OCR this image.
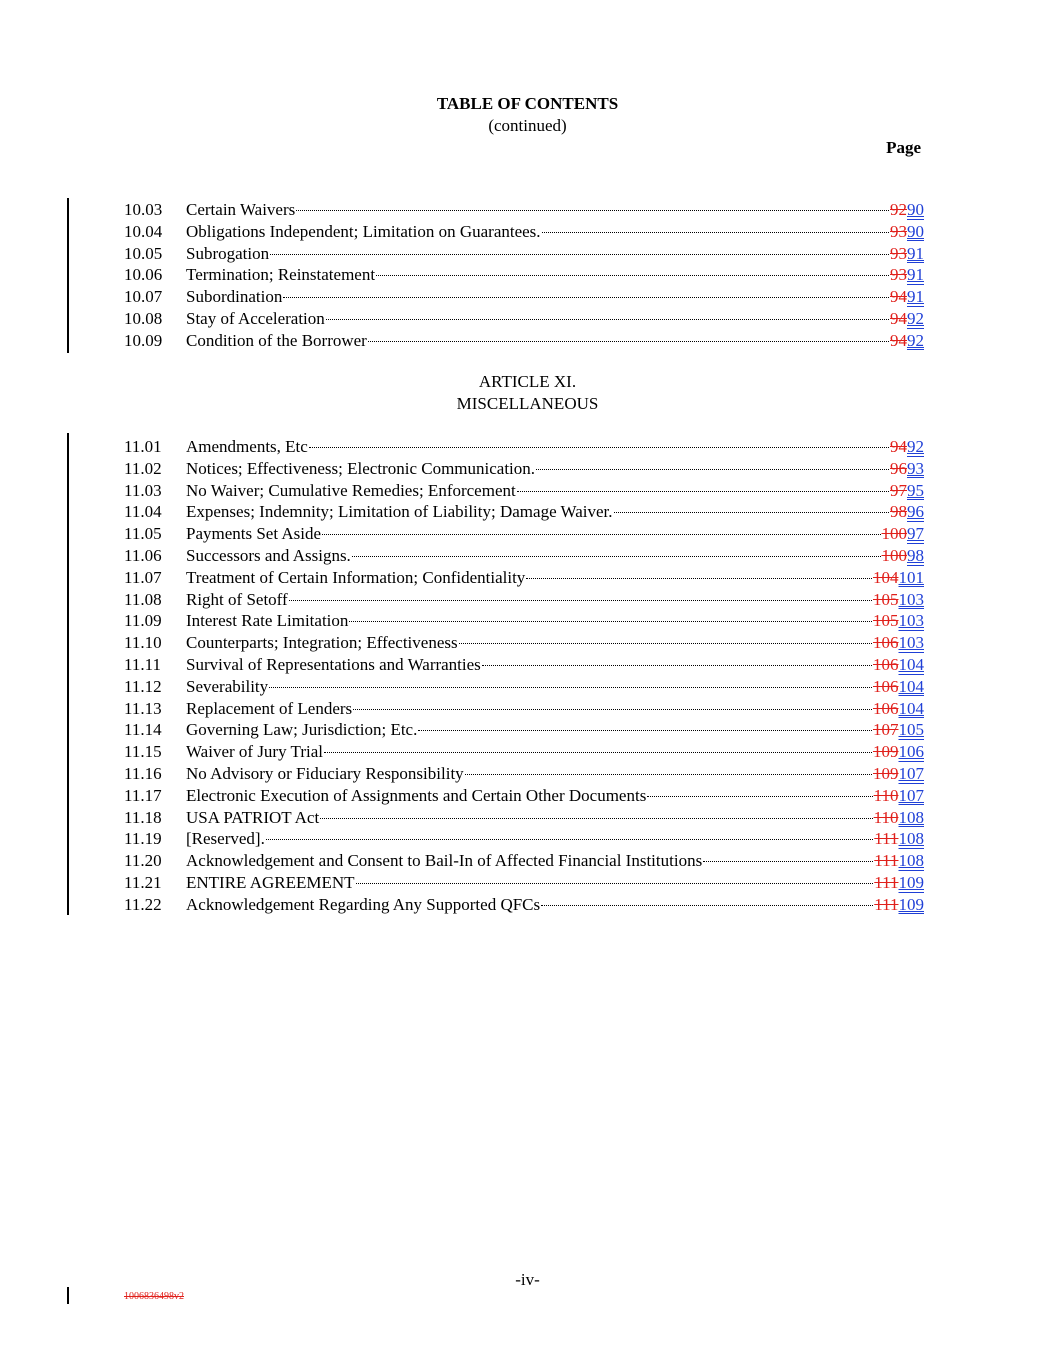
TABLE OF CONTENTS
(continued)
Page
10.03	Certain Waivers	92 90
10.04	Obligations Independent; Limitation on Guarantees.	93 90
10.05	Subrogation	93 91
10.06	Termination; Reinstatement	93 91
10.07	Subordination	94 91
10.08	Stay of Acceleration	94 92
10.09	Condition of the Borrower	94 92
ARTICLE XI.
MISCELLANEOUS
11.01	Amendments, Etc	94 92
11.02	Notices; Effectiveness; Electronic Communication.	96 93
11.03	No Waiver; Cumulative Remedies; Enforcement	97 95
11.04	Expenses; Indemnity; Limitation of Liability; Damage Waiver.	98 96
11.05	Payments Set Aside	100 97
11.06	Successors and Assigns.	100 98
11.07	Treatment of Certain Information; Confidentiality	104 101
11.08	Right of Setoff	105 103
11.09	Interest Rate Limitation	105 103
11.10	Counterparts; Integration; Effectiveness	106 103
11.11	Survival of Representations and Warranties	106 104
11.12	Severability	106 104
11.13	Replacement of Lenders	106 104
11.14	Governing Law; Jurisdiction; Etc.	107 105
11.15	Waiver of Jury Trial	109 106
11.16	No Advisory or Fiduciary Responsibility	109 107
11.17	Electronic Execution of Assignments and Certain Other Documents	110 107
11.18	USA PATRIOT Act	110 108
11.19	[Reserved].	111 108
11.20	Acknowledgement and Consent to Bail-In of Affected Financial Institutions	111 108
11.21	ENTIRE AGREEMENT	111 109
11.22	Acknowledgement Regarding Any Supported QFCs	111 109
-iv-
1006836498v2
